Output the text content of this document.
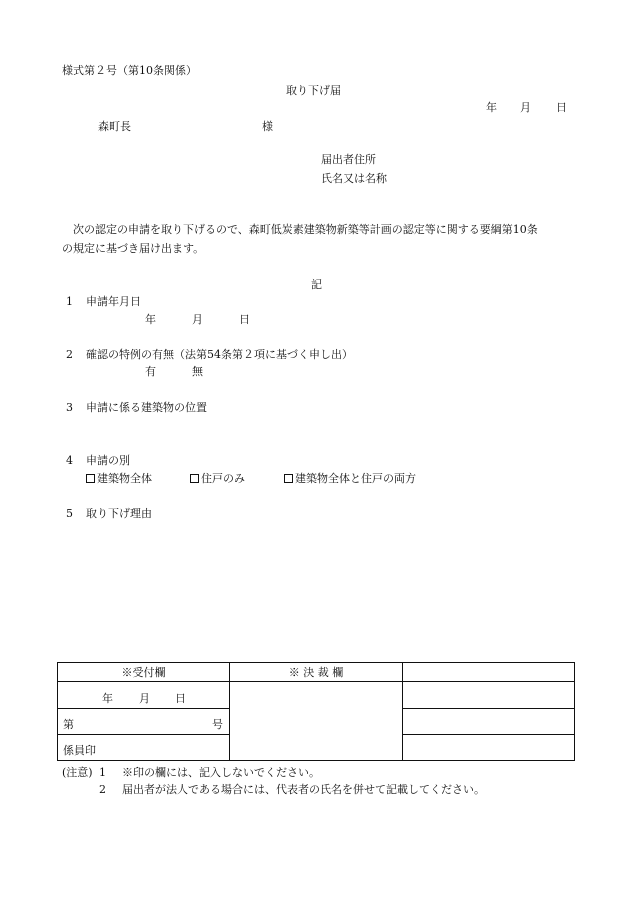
様式第２号（第10条関係）
取り下げ届
年 月 日
森町長	様
届出者住所
氏名又は名称
次の認定の申請を取り下げるので、森町低炭素建築物新築等計画の認定等に関する要綱第10条
の規定に基づき届け出ます。
記
1 申請年月日
年	月	日
2 確認の特例の有無（法第54条第２項に基づく申し出）
有	無
3 申請に係る建築物の位置
4 申請の別
建築物全体	住戸のみ	建築物全体と住戸の両方
5 取り下げ理由
※受付欄	※ 決 裁 欄	

年 月 日		

第 号		

係員印		

(注意) 1 ※印の欄には、記入しないでください。
2 届出者が法人である場合には、代表者の氏名を併せて記載してください。
